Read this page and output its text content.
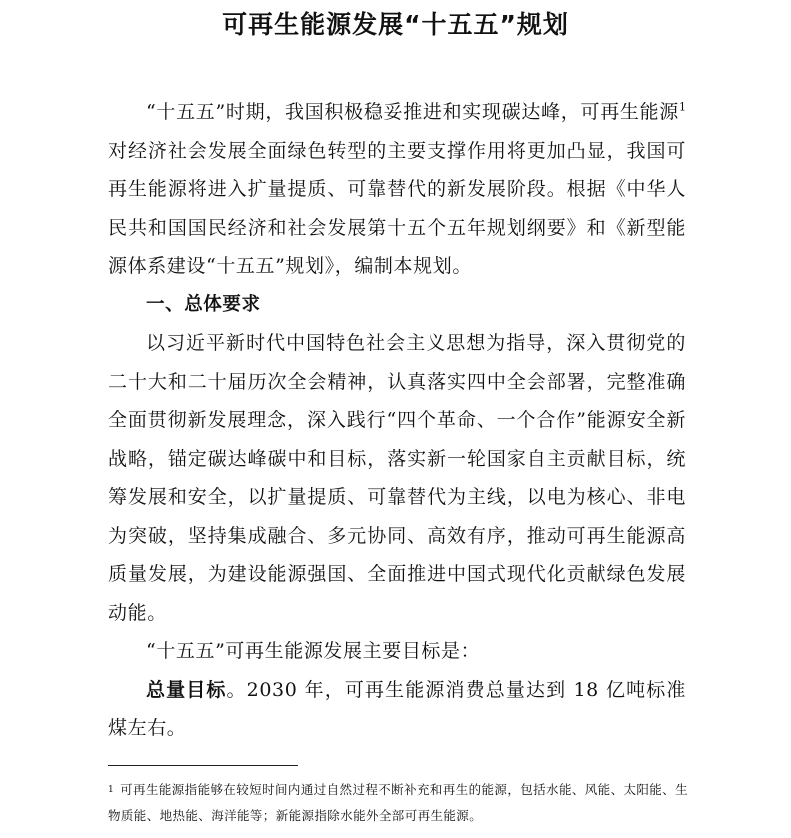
可再生能源发展“十五五”规划

“十五五”时期，我国积极稳妥推进和实现碳达峰，可再生能源$^1$对经济社会发展全面绿色转型的主要支撑作用将更加凸显，我国可再生能源将进入扩量提质、可靠替代的新发展阶段。根据《中华人民共和国国民经济和社会发展第十五个五年规划纲要》和《新型能源体系建设“十五五”规划》，编制本规划。

一、总体要求

以习近平新时代中国特色社会主义思想为指导，深入贯彻党的二十大和二十届历次全会精神，认真落实四中全会部署，完整准确全面贯彻新发展理念，深入践行“四个革命、一个合作”能源安全新战略，锚定碳达峰碳中和目标，落实新一轮国家自主贡献目标，统筹发展和安全，以扩量提质、可靠替代为主线，以电为核心、非电为突破，坚持集成融合、多元协同、高效有序，推动可再生能源高质量发展，为建设能源强国、全面推进中国式现代化贡献绿色发展动能。

“十五五”可再生能源发展主要目标是：

总量目标。2030 年，可再生能源消费总量达到 18 亿吨标准煤左右。

$^1$ 可再生能源指能够在较短时间内通过自然过程不断补充和再生的能源，包括水能、风能、太阳能、生物质能、地热能、海洋能等；新能源指除水能外全部可再生能源。
